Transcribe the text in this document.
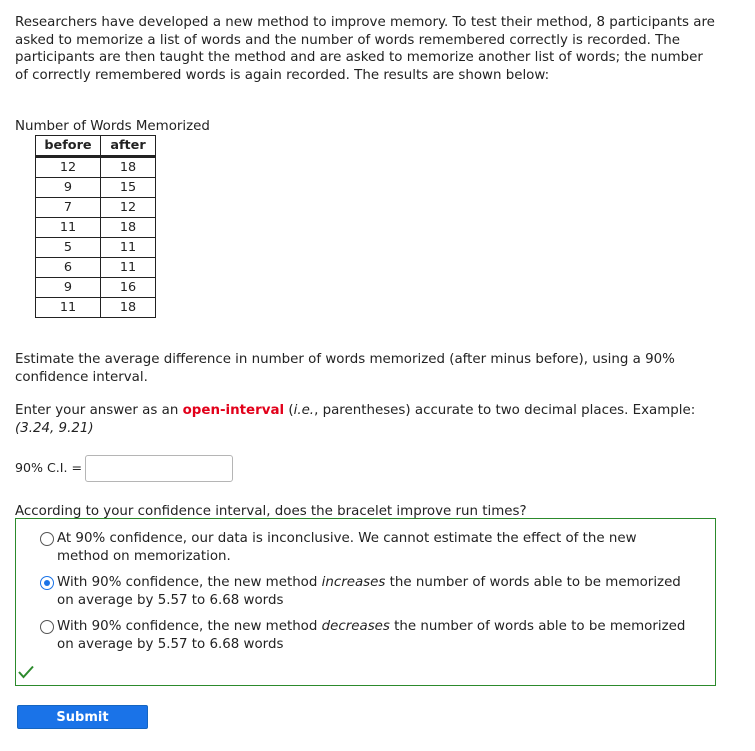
Researchers have developed a new method to improve memory. To test their method, 8 participants are asked to memorize a list of words and the number of words remembered correctly is recorded. The participants are then taught the method and are asked to memorize another list of words; the number of correctly remembered words is again recorded. The results are shown below:

Number of Words Memorized
before	after
12	18
9	15
7	12
11	18
5	11
6	11
9	16
11	18

Estimate the average difference in number of words memorized (after minus before), using a 90% confidence interval.

Enter your answer as an open-interval (i.e., parentheses) accurate to two decimal places. Example: (3.24, 9.21)

90% C.I. =
According to your confidence interval, does the bracelet improve run times?
At 90% confidence, our data is inconclusive. We cannot estimate the effect of the new method on memorization.
With 90% confidence, the new method increases the number of words able to be memorized on average by 5.57 to 6.68 words
With 90% confidence, the new method decreases the number of words able to be memorized on average by 5.57 to 6.68 words
Submit Question
